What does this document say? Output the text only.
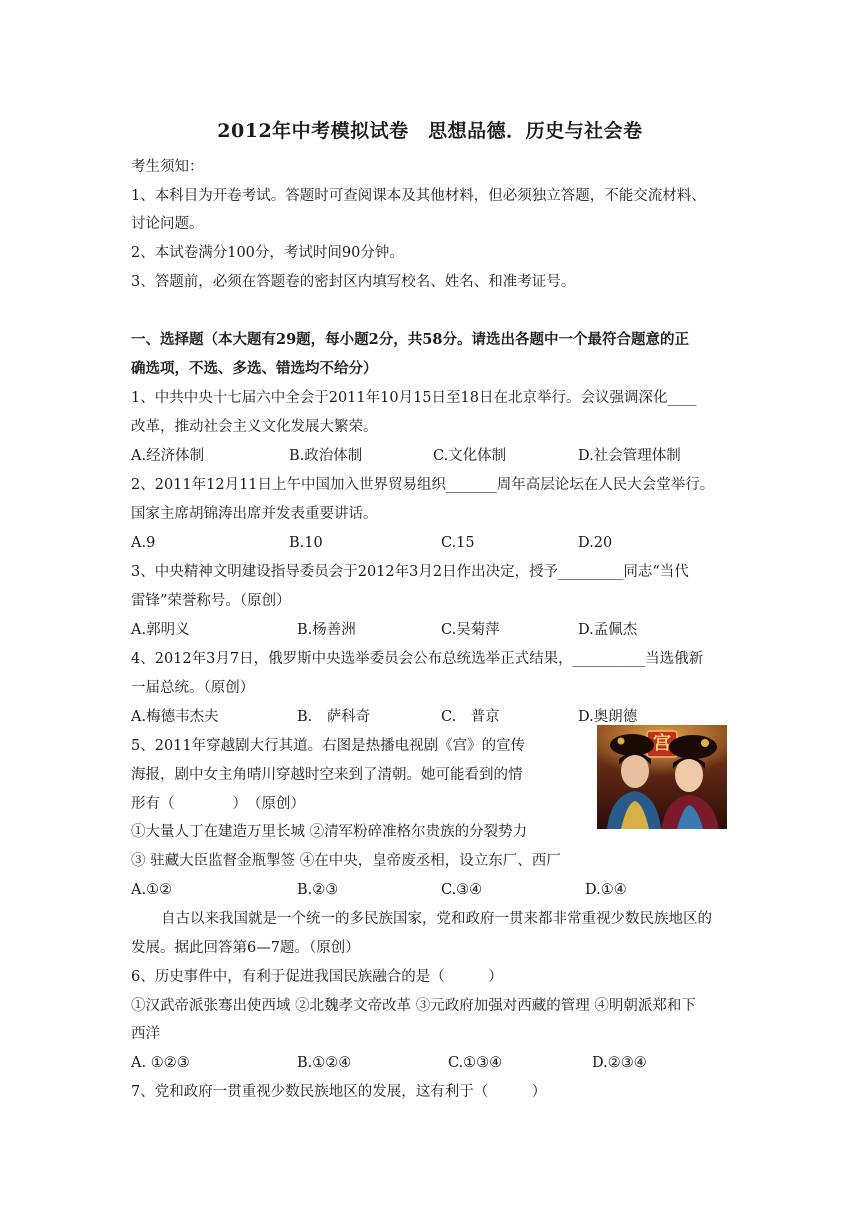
2012年中考模拟试卷　思想品德．历史与社会卷
考生须知：
1、本科目为开卷考试。答题时可查阅课本及其他材料，但必须独立答题，不能交流材料、
讨论问题。
2、本试卷满分100分，考试时间90分钟。
3、答题前，必须在答题卷的密封区内填写校名、姓名、和准考证号。
一、选择题（本大题有29题，每小题2分，共58分。请选出各题中一个最符合题意的正
确选项，不选、多选、错选均不给分）
1、中共中央十七届六中全会于2011年10月15日至18日在北京举行。会议强调深化____
改革，推动社会主义文化发展大繁荣。
A.经济体制	B.政治体制	C.文化体制	D.社会管理体制
2、2011年12月11日上午中国加入世界贸易组织_______周年高层论坛在人民大会堂举行。
国家主席胡锦涛出席并发表重要讲话。
A.9	B.10	C.15	D.20
3、中央精神文明建设指导委员会于2012年3月2日作出决定，授予_________同志“当代
雷锋”荣誉称号。（原创）
A.郭明义	B.杨善洲	C.吴菊萍	D.孟佩杰
4、2012年3月7日，俄罗斯中央选举委员会公布总统选举正式结果，__________当选俄新
一届总统。（原创）
A.梅德韦杰夫	B.　萨科奇	C.　普京	D.奥朗德
5、2011年穿越剧大行其道。右图是热播电视剧《宫》的宣传
海报，剧中女主角晴川穿越时空来到了清朝。她可能看到的情
形有（　　　　）　（原创）
①大量人丁在建造万里长城 ②清军粉碎准格尔贵族的分裂势力
③ 驻藏大臣监督金瓶掣签 ④在中央，皇帝废丞相，设立东厂、西厂
A.①②	B.②③	C.③④	D.①④
宫
自古以来我国就是一个统一的多民族国家，党和政府一贯来都非常重视少数民族地区的
发展。据此回答第6—7题。（原创）
6、历史事件中，有利于促进我国民族融合的是（　　　）
①汉武帝派张骞出使西域 ②北魏孝文帝改革 ③元政府加强对西藏的管理 ④明朝派郑和下
西洋
A. ①②③	B.①②④	C.①③④	D.②③④
7、党和政府一贯重视少数民族地区的发展，这有利于（　　　）
